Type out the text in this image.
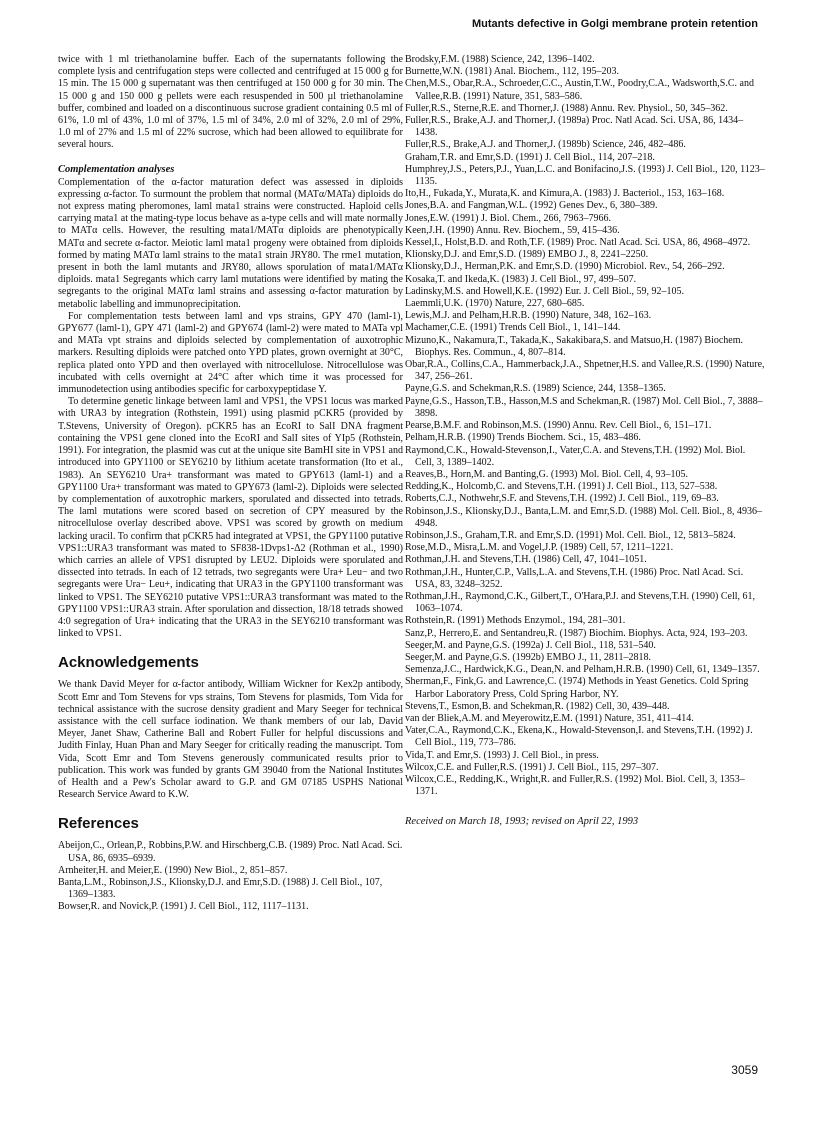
Mutants defective in Golgi membrane protein retention

twice with 1 ml triethanolamine buffer. Each of the supernatants following the complete lysis and centrifugation steps were collected and centrifuged at 15 000 g for 15 min. The 15 000 g supernatant was then centrifuged at 150 000 g for 30 min. The 15 000 g and 150 000 g pellets were each resuspended in 500 µl triethanolamine buffer, combined and loaded on a discontinuous sucrose gradient containing 0.5 ml of 61%, 1.0 ml of 43%, 1.0 ml of 37%, 1.5 ml of 34%, 2.0 ml of 32%, 2.0 ml of 29%, 1.0 ml of 27% and 1.5 ml of 22% sucrose, which had been allowed to equilibrate for several hours.

Complementation analyses

Complementation of the α-factor maturation defect was assessed in diploids expressing α-factor. To surmount the problem that normal (MATα/MATa) diploids do not express mating pheromones, laml mata1 strains were constructed. Haploid cells carrying mata1 at the mating-type locus behave as a-type cells and will mate normally to MATα cells. However, the resulting mata1/MATα diploids are phenotypically MATα and secrete α-factor. Meiotic laml mata1 progeny were obtained from diploids formed by mating MATα laml strains to the mata1 strain JRY80. The rme1 mutation, present in both the laml mutants and JRY80, allows sporulation of mata1/MATα diploids. mata1 Segregants which carry laml mutations were identified by mating the segregants to the original MATα laml strains and assessing α-factor maturation by metabolic labelling and immunoprecipitation.

For complementation tests between laml and vps strains, GPY 470 (laml-1), GPY677 (laml-1), GPY 471 (laml-2) and GPY674 (laml-2) were mated to MATa vpl and MATa vpt strains and diploids selected by complementation of auxotrophic markers. Resulting diploids were patched onto YPD plates, grown overnight at 30°C, replica plated onto YPD and then overlayed with nitrocellulose. Nitrocellulose was incubated with cells overnight at 24°C after which time it was processed for immunodetection using antibodies specific for carboxypeptidase Y.

To determine genetic linkage between laml and VPS1, the VPS1 locus was marked with URA3 by integration (Rothstein, 1991) using plasmid pCKR5 (provided by T.Stevens, University of Oregon). pCKR5 has an EcoRI to SalI DNA fragment containing the VPS1 gene cloned into the EcoRI and SalI sites of YIp5 (Rothstein, 1991). For integration, the plasmid was cut at the unique site BamHI site in VPS1 and introduced into GPY1100 or SEY6210 by lithium acetate transformation (Ito et al., 1983). An SEY6210 Ura+ transformant was mated to GPY613 (laml-1) and a GPY1100 Ura+ transformant was mated to GPY673 (laml-2). Diploids were selected by complementation of auxotrophic markers, sporulated and dissected into tetrads. The laml mutations were scored based on secretion of CPY measured by the nitrocellulose overlay described above. VPS1 was scored by growth on medium lacking uracil. To confirm that pCKR5 had integrated at VPS1, the GPY1100 putative VPS1::URA3 transformant was mated to SF838-1Dvps1-Δ2 (Rothman et al., 1990) which carries an allele of VPS1 disrupted by LEU2. Diploids were sporulated and dissected into tetrads. In each of 12 tetrads, two segregants were Ura+ Leu− and two segregants were Ura− Leu+, indicating that URA3 in the GPY1100 transformant was linked to VPS1. The SEY6210 putative VPS1::URA3 transformant was mated to the GPY1100 VPS1::URA3 strain. After sporulation and dissection, 18/18 tetrads showed 4:0 segregation of Ura+ indicating that the URA3 in the SEY6210 transformant was linked to VPS1.

Acknowledgements

We thank David Meyer for α-factor antibody, William Wickner for Kex2p antibody, Scott Emr and Tom Stevens for vps strains, Tom Stevens for plasmids, Tom Vida for technical assistance with the sucrose density gradient and Mary Seeger for technical assistance with the cell surface iodination. We thank members of our lab, David Meyer, Janet Shaw, Catherine Ball and Robert Fuller for helpful discussions and Judith Finlay, Huan Phan and Mary Seeger for critically reading the manuscript. Tom Vida, Scott Emr and Tom Stevens generously communicated results prior to publication. This work was funded by grants GM 39040 from the National Institutes of Health and a Pew's Scholar award to G.P. and GM 07185 USPHS National Research Service Award to K.W.

References

Abeijon,C., Orlean,P., Robbins,P.W. and Hirschberg,C.B. (1989) Proc. Natl Acad. Sci. USA, 86, 6935–6939.

Arnheiter,H. and Meier,E. (1990) New Biol., 2, 851–857.

Banta,L.M., Robinson,J.S., Klionsky,D.J. and Emr,S.D. (1988) J. Cell Biol., 107, 1369–1383.

Bowser,R. and Novick,P. (1991) J. Cell Biol., 112, 1117–1131.

Brodsky,F.M. (1988) Science, 242, 1396–1402.

Burnette,W.N. (1981) Anal. Biochem., 112, 195–203.

Chen,M.S., Obar,R.A., Schroeder,C.C., Austin,T.W., Poodry,C.A., Wadsworth,S.C. and Vallee,R.B. (1991) Nature, 351, 583–586.

Fuller,R.S., Sterne,R.E. and Thorner,J. (1988) Annu. Rev. Physiol., 50, 345–362.

Fuller,R.S., Brake,A.J. and Thorner,J. (1989a) Proc. Natl Acad. Sci. USA, 86, 1434–1438.

Fuller,R.S., Brake,A.J. and Thorner,J. (1989b) Science, 246, 482–486.

Graham,T.R. and Emr,S.D. (1991) J. Cell Biol., 114, 207–218.

Humphrey,J.S., Peters,P.J., Yuan,L.C. and Bonifacino,J.S. (1993) J. Cell Biol., 120, 1123–1135.

Ito,H., Fukada,Y., Murata,K. and Kimura,A. (1983) J. Bacteriol., 153, 163–168.

Jones,B.A. and Fangman,W.L. (1992) Genes Dev., 6, 380–389.

Jones,E.W. (1991) J. Biol. Chem., 266, 7963–7966.

Keen,J.H. (1990) Annu. Rev. Biochem., 59, 415–436.

Kessel,I., Holst,B.D. and Roth,T.F. (1989) Proc. Natl Acad. Sci. USA, 86, 4968–4972.

Klionsky,D.J. and Emr,S.D. (1989) EMBO J., 8, 2241–2250.

Klionsky,D.J., Herman,P.K. and Emr,S.D. (1990) Microbiol. Rev., 54, 266–292.

Kosaka,T. and Ikeda,K. (1983) J. Cell Biol., 97, 499–507.

Ladinsky,M.S. and Howell,K.E. (1992) Eur. J. Cell Biol., 59, 92–105.

Laemmli,U.K. (1970) Nature, 227, 680–685.

Lewis,M.J. and Pelham,H.R.B. (1990) Nature, 348, 162–163.

Machamer,C.E. (1991) Trends Cell Biol., 1, 141–144.

Mizuno,K., Nakamura,T., Takada,K., Sakakibara,S. and Matsuo,H. (1987) Biochem. Biophys. Res. Commun., 4, 807–814.

Obar,R.A., Collins,C.A., Hammerback,J.A., Shpetner,H.S. and Vallee,R.S. (1990) Nature, 347, 256–261.

Payne,G.S. and Schekman,R.S. (1989) Science, 244, 1358–1365.

Payne,G.S., Hasson,T.B., Hasson,M.S and Schekman,R. (1987) Mol. Cell Biol., 7, 3888–3898.

Pearse,B.M.F. and Robinson,M.S. (1990) Annu. Rev. Cell Biol., 6, 151–171.

Pelham,H.R.B. (1990) Trends Biochem. Sci., 15, 483–486.

Raymond,C.K., Howald-Stevenson,I., Vater,C.A. and Stevens,T.H. (1992) Mol. Biol. Cell, 3, 1389–1402.

Reaves,B., Horn,M. and Banting,G. (1993) Mol. Biol. Cell, 4, 93–105.

Redding,K., Holcomb,C. and Stevens,T.H. (1991) J. Cell Biol., 113, 527–538.

Roberts,C.J., Nothwehr,S.F. and Stevens,T.H. (1992) J. Cell Biol., 119, 69–83.

Robinson,J.S., Klionsky,D.J., Banta,L.M. and Emr,S.D. (1988) Mol. Cell. Biol., 8, 4936–4948.

Robinson,J.S., Graham,T.R. and Emr,S.D. (1991) Mol. Cell. Biol., 12, 5813–5824.

Rose,M.D., Misra,L.M. and Vogel,J.P. (1989) Cell, 57, 1211–1221.

Rothman,J.H. and Stevens,T.H. (1986) Cell, 47, 1041–1051.

Rothman,J.H., Hunter,C.P., Valls,L.A. and Stevens,T.H. (1986) Proc. Natl Acad. Sci. USA, 83, 3248–3252.

Rothman,J.H., Raymond,C.K., Gilbert,T., O'Hara,P.J. and Stevens,T.H. (1990) Cell, 61, 1063–1074.

Rothstein,R. (1991) Methods Enzymol., 194, 281–301.

Sanz,P., Herrero,E. and Sentandreu,R. (1987) Biochim. Biophys. Acta, 924, 193–203.

Seeger,M. and Payne,G.S. (1992a) J. Cell Biol., 118, 531–540.

Seeger,M. and Payne,G.S. (1992b) EMBO J., 11, 2811–2818.

Semenza,J.C., Hardwick,K.G., Dean,N. and Pelham,H.R.B. (1990) Cell, 61, 1349–1357.

Sherman,F., Fink,G. and Lawrence,C. (1974) Methods in Yeast Genetics. Cold Spring Harbor Laboratory Press, Cold Spring Harbor, NY.

Stevens,T., Esmon,B. and Schekman,R. (1982) Cell, 30, 439–448.

van der Bliek,A.M. and Meyerowitz,E.M. (1991) Nature, 351, 411–414.

Vater,C.A., Raymond,C.K., Ekena,K., Howald-Stevenson,I. and Stevens,T.H. (1992) J. Cell Biol., 119, 773–786.

Vida,T. and Emr,S. (1993) J. Cell Biol., in press.

Wilcox,C.E. and Fuller,R.S. (1991) J. Cell Biol., 115, 297–307.

Wilcox,C.E., Redding,K., Wright,R. and Fuller,R.S. (1992) Mol. Biol. Cell, 3, 1353–1371.

Received on March 18, 1993; revised on April 22, 1993
3059
